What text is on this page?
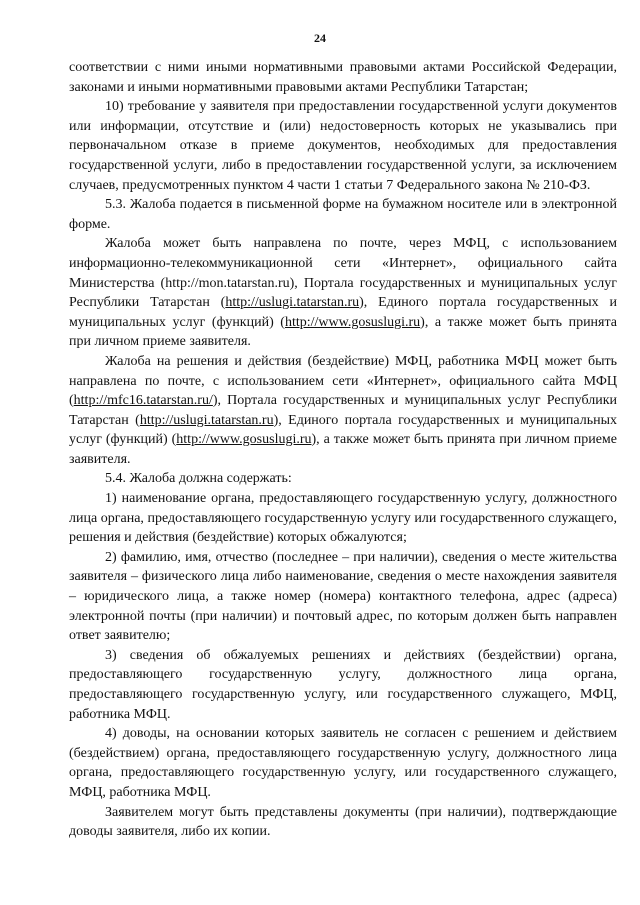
24

соответствии с ними иными нормативными правовыми актами Российской Федерации, законами и иными нормативными правовыми актами Республики Татарстан;

10) требование у заявителя при предоставлении государственной услуги документов или информации, отсутствие и (или) недостоверность которых не указывались при первоначальном отказе в приеме документов, необходимых для предоставления государственной услуги, либо в предоставлении государственной услуги, за исключением случаев, предусмотренных пунктом 4 части 1 статьи 7 Федерального закона № 210-ФЗ.

5.3. Жалоба подается в письменной форме на бумажном носителе или в электронной форме.

Жалоба может быть направлена по почте, через МФЦ, с использованием информационно-телекоммуникационной сети «Интернет», официального сайта Министерства (http://mon.tatarstan.ru), Портала государственных и муниципальных услуг Республики Татарстан (http://uslugi.tatarstan.ru), Единого портала государственных и муниципальных услуг (функций) (http://www.gosuslugi.ru), а также может быть принята при личном приеме заявителя.

Жалоба на решения и действия (бездействие) МФЦ, работника МФЦ может быть направлена по почте, с использованием сети «Интернет», официального сайта МФЦ (http://mfc16.tatarstan.ru/), Портала государственных и муниципальных услуг Республики Татарстан (http://uslugi.tatarstan.ru), Единого портала государственных и муниципальных услуг (функций) (http://www.gosuslugi.ru), а также может быть принята при личном приеме заявителя.

5.4. Жалоба должна содержать:

1) наименование органа, предоставляющего государственную услугу, должностного лица органа, предоставляющего государственную услугу или государственного служащего, решения и действия (бездействие) которых обжалуются;

2) фамилию, имя, отчество (последнее – при наличии), сведения о месте жительства заявителя – физического лица либо наименование, сведения о месте нахождения заявителя – юридического лица, а также номер (номера) контактного телефона, адрес (адреса) электронной почты (при наличии) и почтовый адрес, по которым должен быть направлен ответ заявителю;

3) сведения об обжалуемых решениях и действиях (бездействии) органа, предоставляющего государственную услугу, должностного лица органа, предоставляющего государственную услугу, или государственного служащего, МФЦ, работника МФЦ.

4) доводы, на основании которых заявитель не согласен с решением и действием (бездействием) органа, предоставляющего государственную услугу, должностного лица органа, предоставляющего государственную услугу, или государственного служащего, МФЦ, работника МФЦ.

Заявителем могут быть представлены документы (при наличии), подтверждающие доводы заявителя, либо их копии.
